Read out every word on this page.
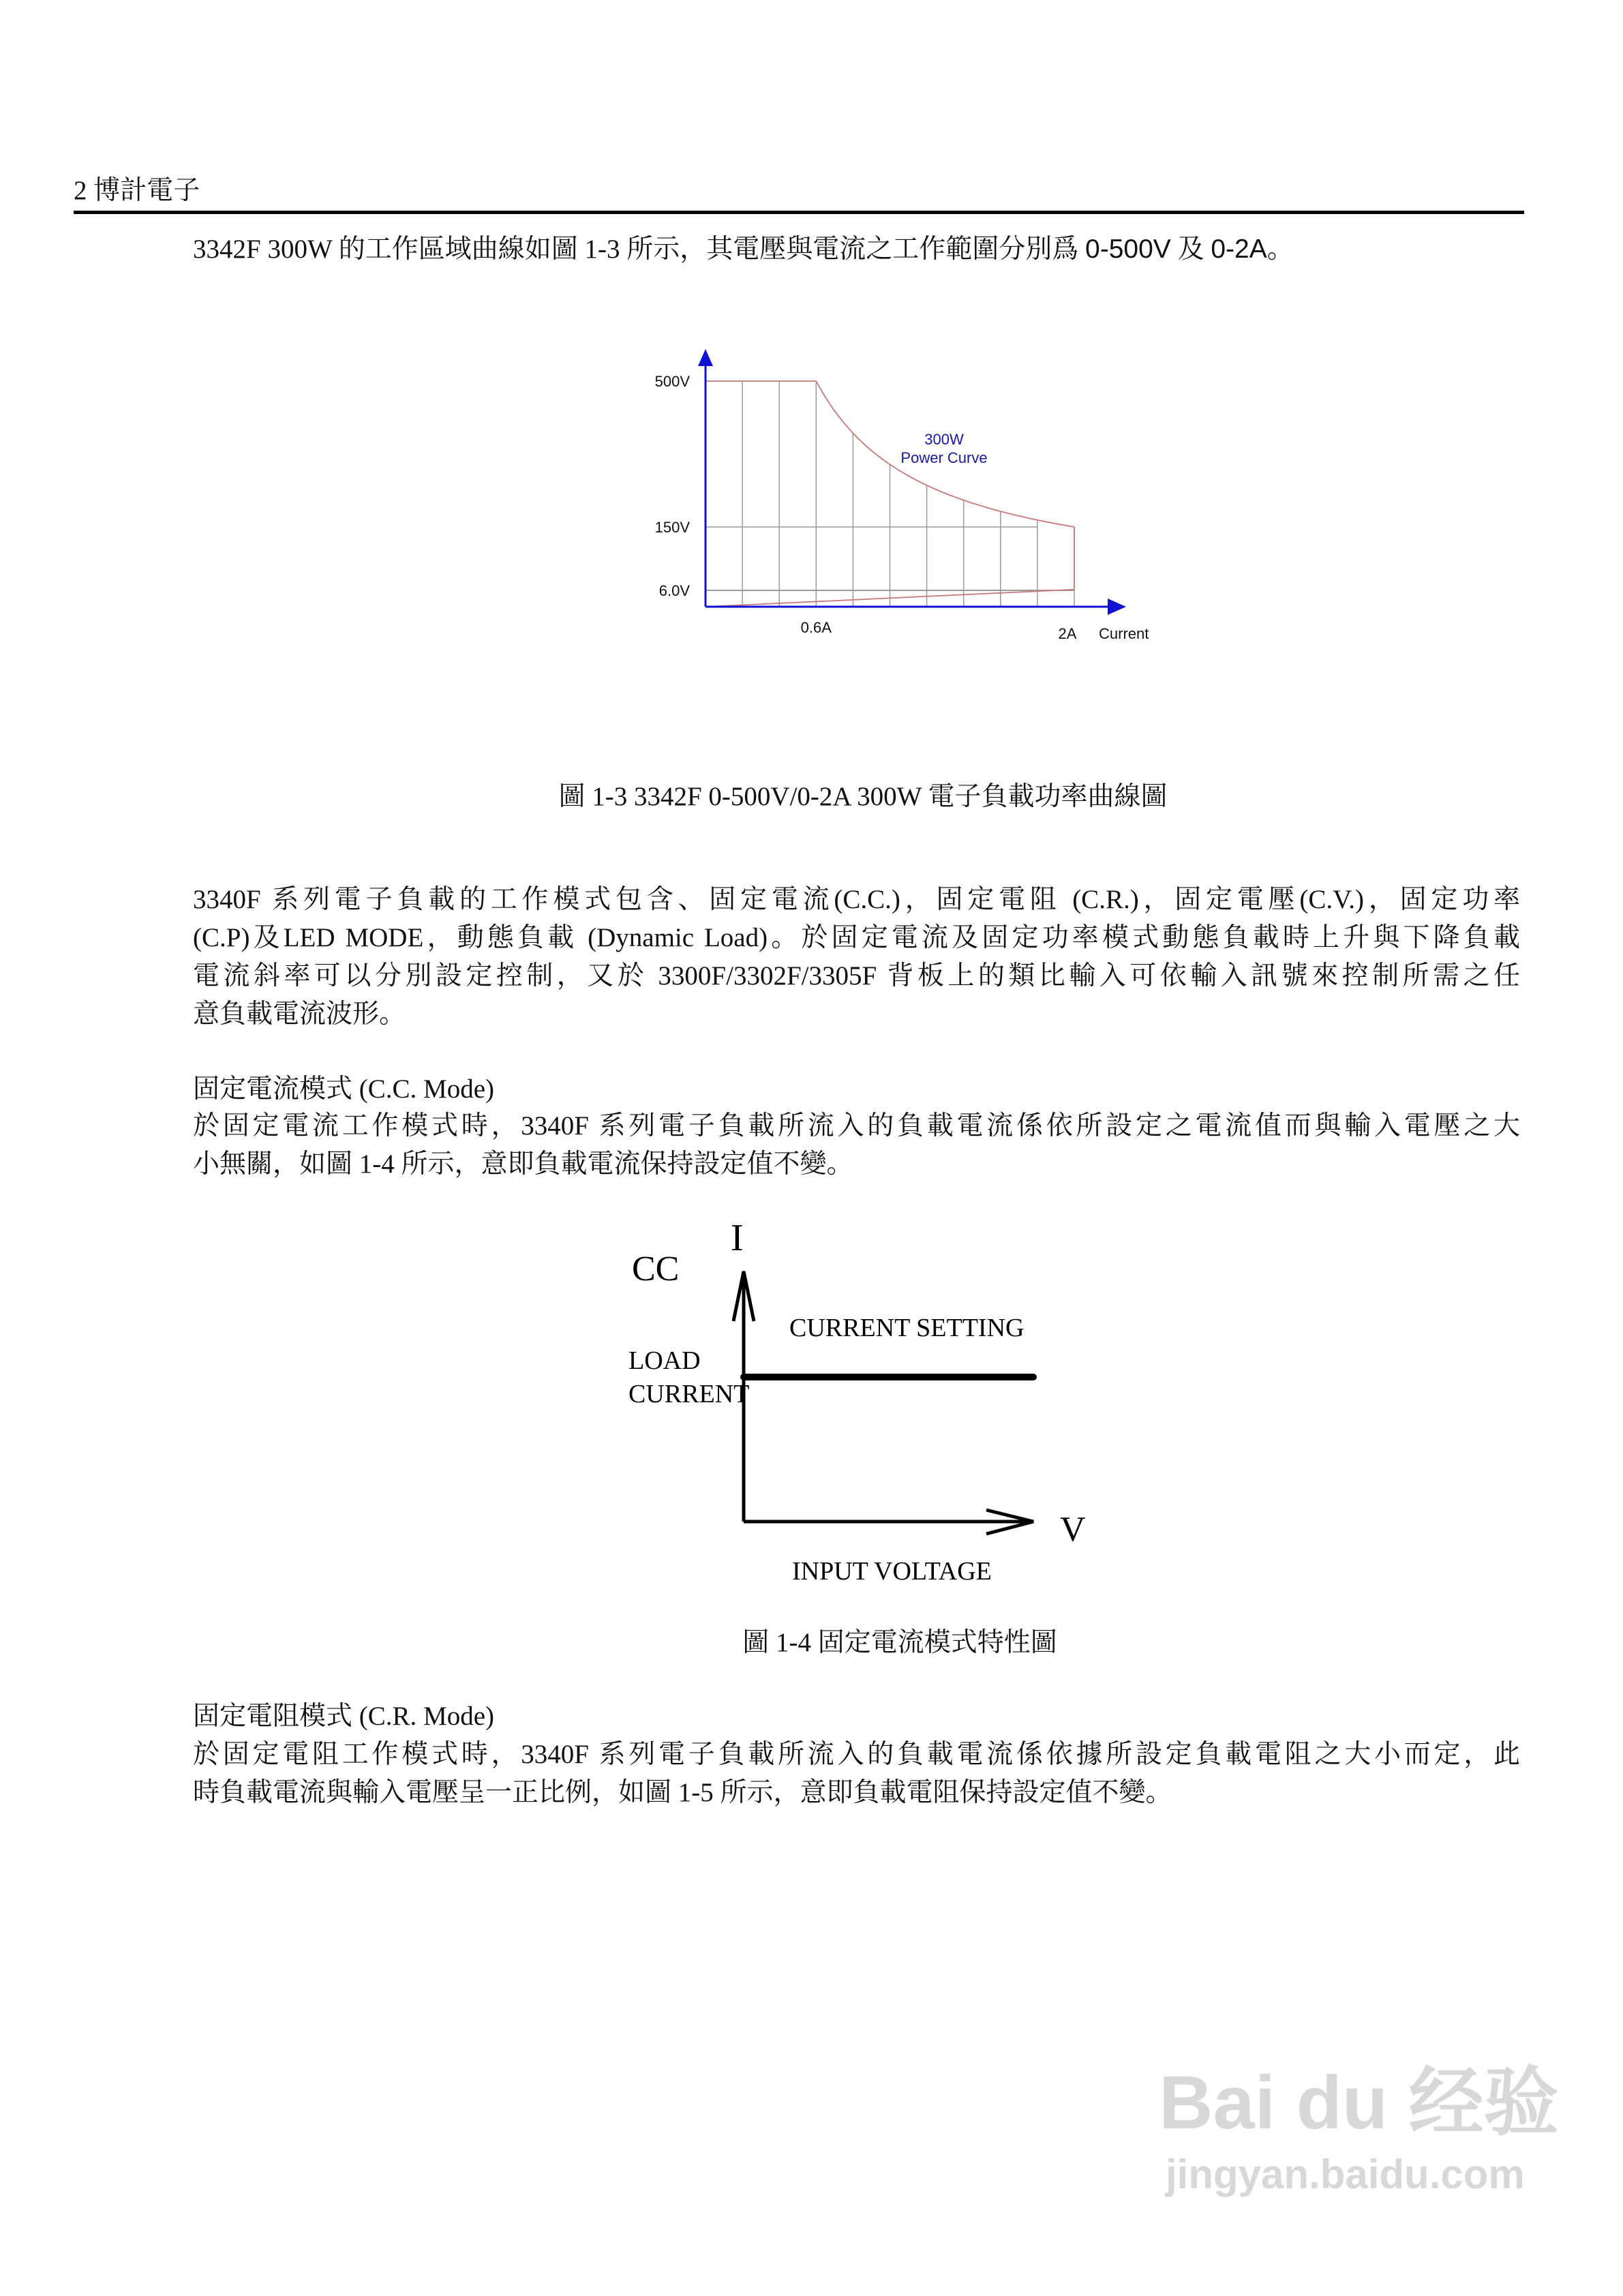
2 博計電子
3342F 300W 的工作區域曲線如圖 1-3 所示，其電壓與電流之工作範圍分別爲 0-500V 及 0-2A。
500V
150V
6.0V
0.6A	2A Current
300W
Power Curve
圖 1-3 3342F 0-500V/0-2A 300W 電子負載功率曲線圖
3340F 系列電子負載的工作模式包含、固定電流(C.C.)，固定電阻 (C.R.)，固定電壓(C.V.)，固定功率
(C.P)及LED MODE，動態負載 (Dynamic Load)。於固定電流及固定功率模式動態負載時上升與下降負載
電流斜率可以分別設定控制，又於 3300F/3302F/3305F 背板上的類比輸入可依輸入訊號來控制所需之任
意負載電流波形。
固定電流模式 (C.C. Mode)
於固定電流工作模式時，3340F 系列電子負載所流入的負載電流係依所設定之電流值而與輸入電壓之大
小無關，如圖 1-4 所示，意即負載電流保持設定值不變。
CC
I
CURRENT SETTING
LOAD
CURRENT
V
INPUT VOLTAGE
圖 1-4 固定電流模式特性圖
固定電阻模式 (C.R. Mode)
於固定電阻工作模式時，3340F 系列電子負載所流入的負載電流係依據所設定負載電阻之大小而定，此
時負載電流與輸入電壓呈一正比例，如圖 1-5 所示，意即負載電阻保持設定值不變。
Bai du 经验
jingyan.baidu.com
